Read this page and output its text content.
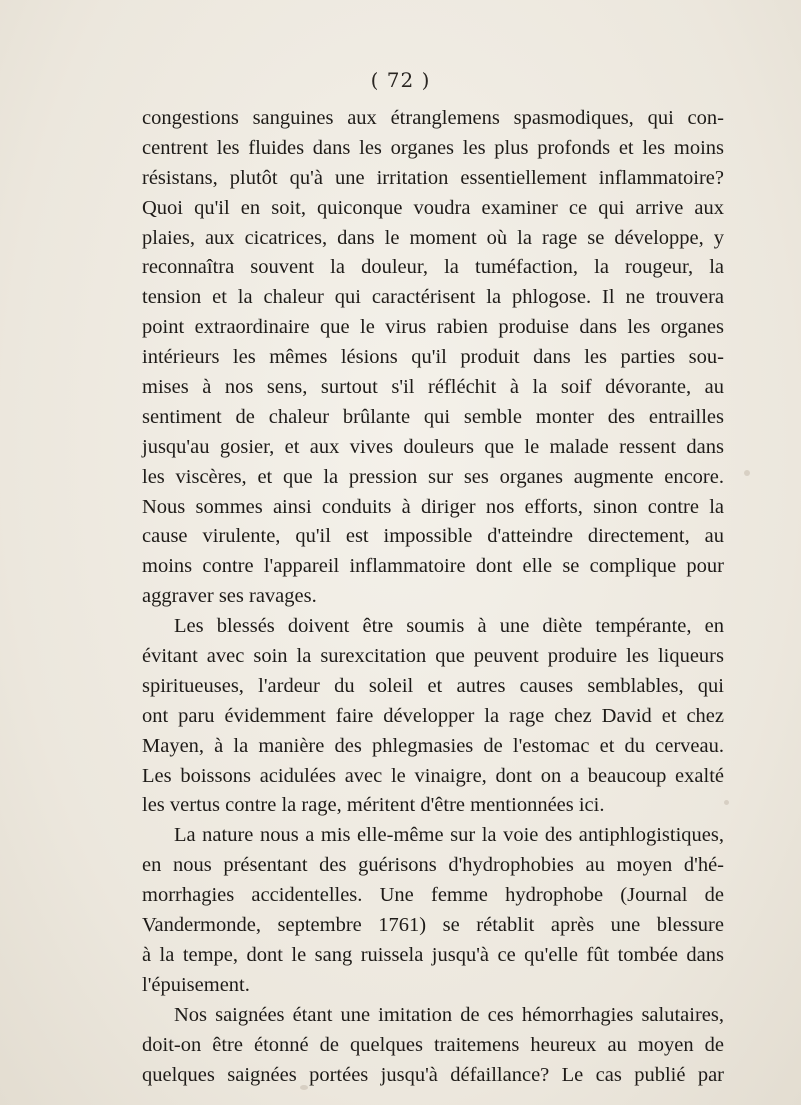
( 72 )
congestions sanguines aux étranglemens spasmodiques, qui con-
centrent les fluides dans les organes les plus profonds et les moins
résistans, plutôt qu'à une irritation essentiellement inflammatoire?
Quoi qu'il en soit, quiconque voudra examiner ce qui arrive aux
plaies, aux cicatrices, dans le moment où la rage se développe, y
reconnaîtra souvent la douleur, la tuméfaction, la rougeur, la
tension et la chaleur qui caractérisent la phlogose. Il ne trouvera
point extraordinaire que le virus rabien produise dans les organes
intérieurs les mêmes lésions qu'il produit dans les parties sou-
mises à nos sens, surtout s'il réfléchit à la soif dévorante, au
sentiment de chaleur brûlante qui semble monter des entrailles
jusqu'au gosier, et aux vives douleurs que le malade ressent dans
les viscères, et que la pression sur ses organes augmente encore.
Nous sommes ainsi conduits à diriger nos efforts, sinon contre la
cause virulente, qu'il est impossible d'atteindre directement, au
moins contre l'appareil inflammatoire dont elle se complique pour
aggraver ses ravages.
Les blessés doivent être soumis à une diète tempérante, en
évitant avec soin la surexcitation que peuvent produire les liqueurs
spiritueuses, l'ardeur du soleil et autres causes semblables, qui
ont paru évidemment faire développer la rage chez David et chez
Mayen, à la manière des phlegmasies de l'estomac et du cerveau.
Les boissons acidulées avec le vinaigre, dont on a beaucoup exalté
les vertus contre la rage, méritent d'être mentionnées ici.
La nature nous a mis elle-même sur la voie des antiphlogistiques,
en nous présentant des guérisons d'hydrophobies au moyen d'hé-
morrhagies accidentelles. Une femme hydrophobe (Journal de
Vandermonde, septembre 1761) se rétablit après une blessure
à la tempe, dont le sang ruissela jusqu'à ce qu'elle fût tombée dans
l'épuisement.
Nos saignées étant une imitation de ces hémorrhagies salutaires,
doit-on être étonné de quelques traitemens heureux au moyen de
quelques saignées portées jusqu'à défaillance? Le cas publié par
